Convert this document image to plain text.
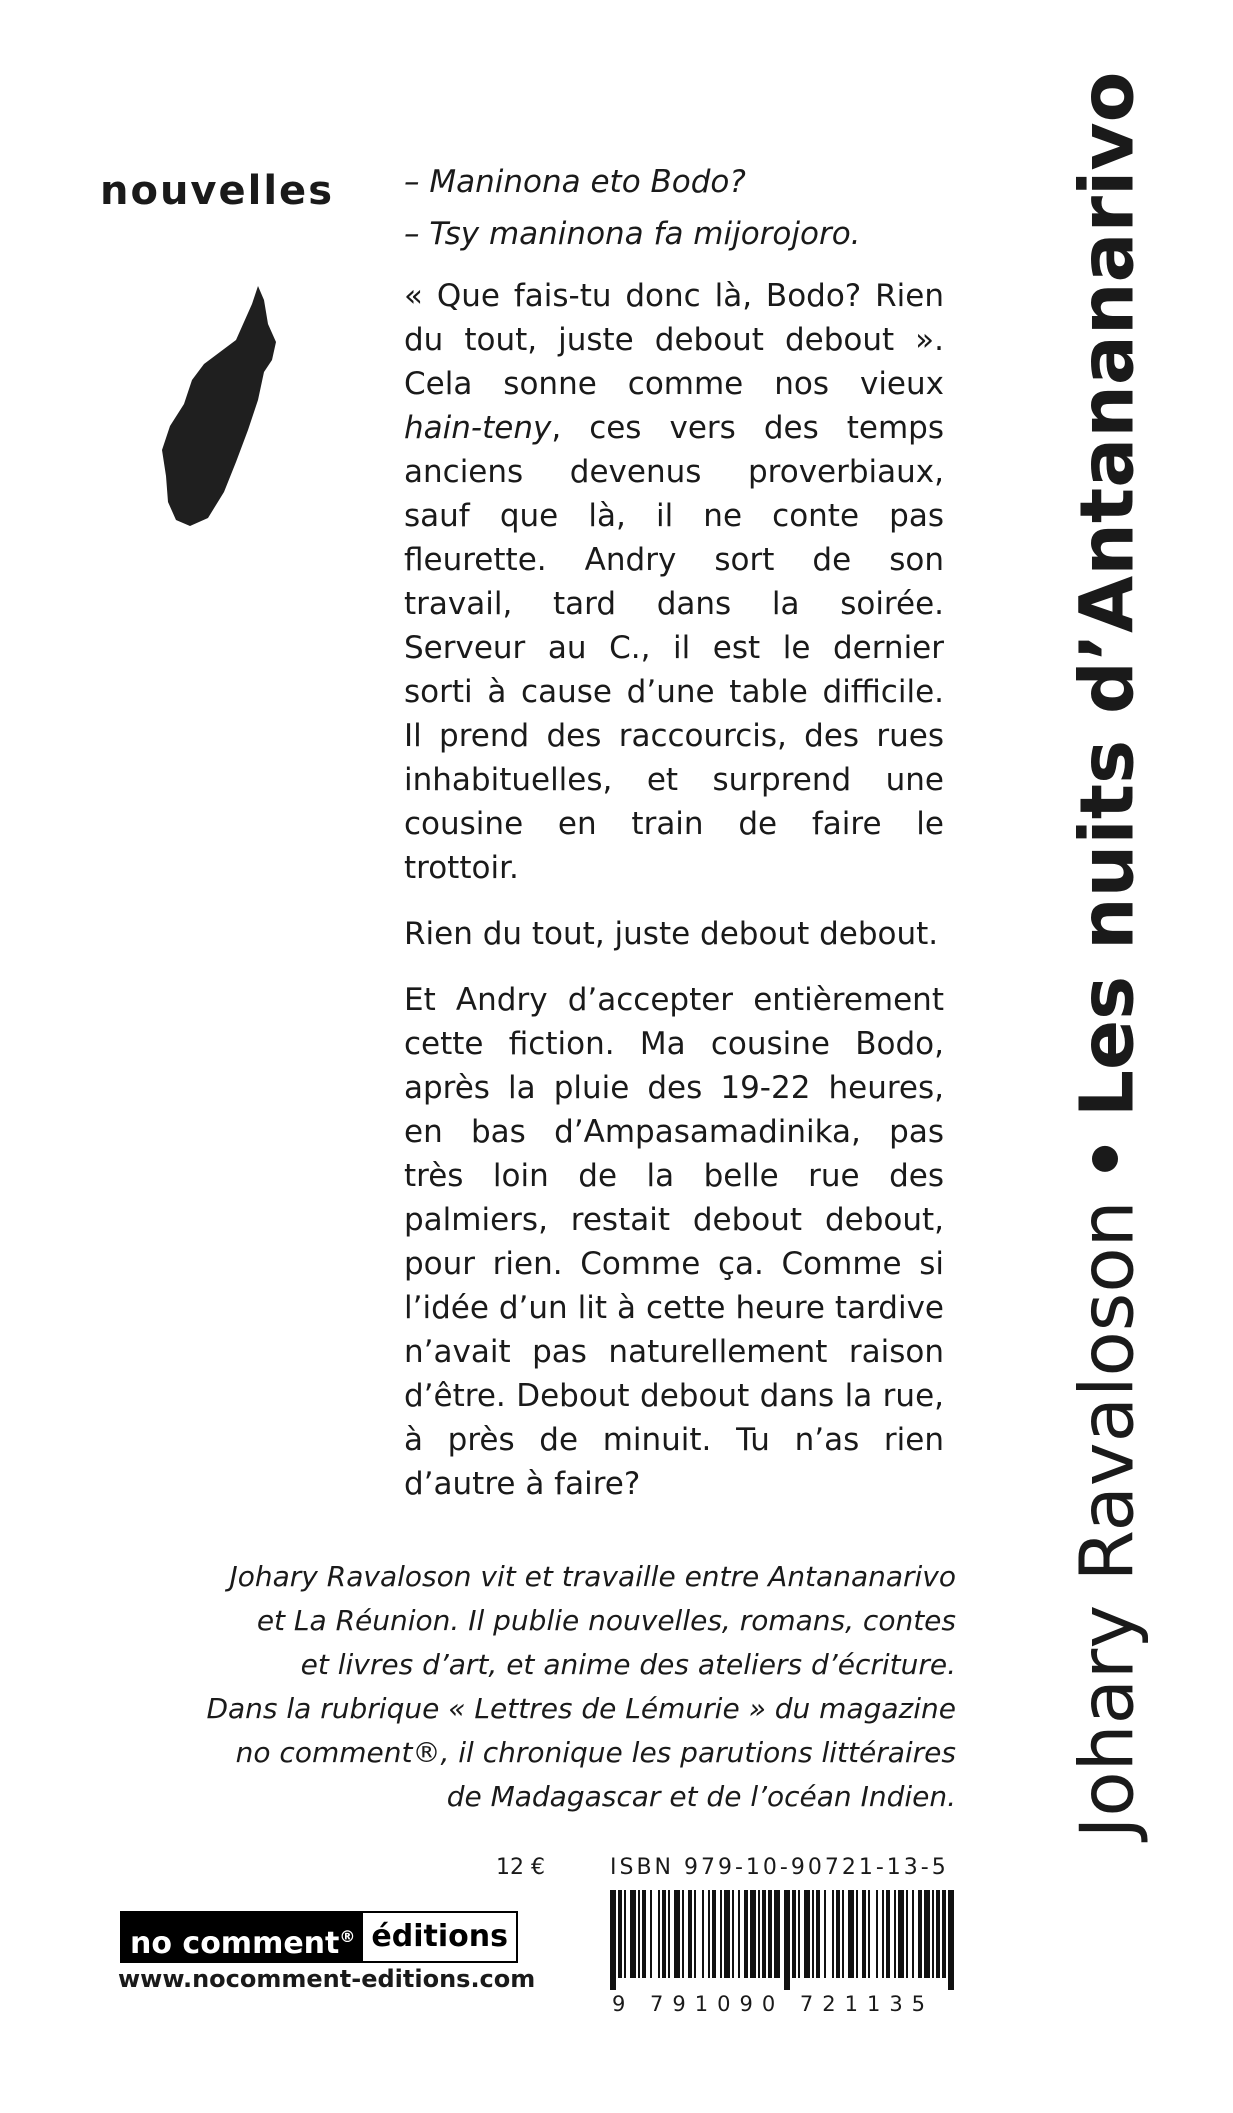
nouvelles – Maninona eto Bodo?
– Tsy maninona fa mijorojoro.

« Que fais-tu donc là, Bodo? Rien du tout, juste debout debout ». Cela sonne comme nos vieux hain-teny, ces vers des temps anciens devenus proverbiaux, sauf que là, il ne conte pas fleurette. Andry sort de son travail, tard dans la soirée. Serveur au C., il est le dernier sorti à cause d’une table difficile. Il prend des raccourcis, des rues inhabituelles, et surprend une cousine en train de faire le trottoir.

Rien du tout, juste debout debout.

Et Andry d’accepter entièrement cette fiction. Ma cousine Bodo, après la pluie des 19-22 heures, en bas d’Ampasamadinika, pas très loin de la belle rue des palmiers, restait debout debout, pour rien. Comme ça. Comme si l’idée d’un lit à cette heure tardive n’avait pas naturellement raison d’être. Debout debout dans la rue, à près de minuit. Tu n’as rien d’autre à faire?

Johary Ravaloson vit et travaille entre Antananarivo
et La Réunion. Il publie nouvelles, romans, contes
et livres d’art, et anime des ateliers d’écriture.
Dans la rubrique « Lettres de Lémurie » du magazine
no comment®, il chronique les parutions littéraires
de Madagascar et de l’océan Indien. Johary Ravaloson•Les nuits d’Antananarivo
12 €	ISBN 979-10-90721-13-5
9 791090 721135
no comment® éditions
www.nocomment-editions.com
